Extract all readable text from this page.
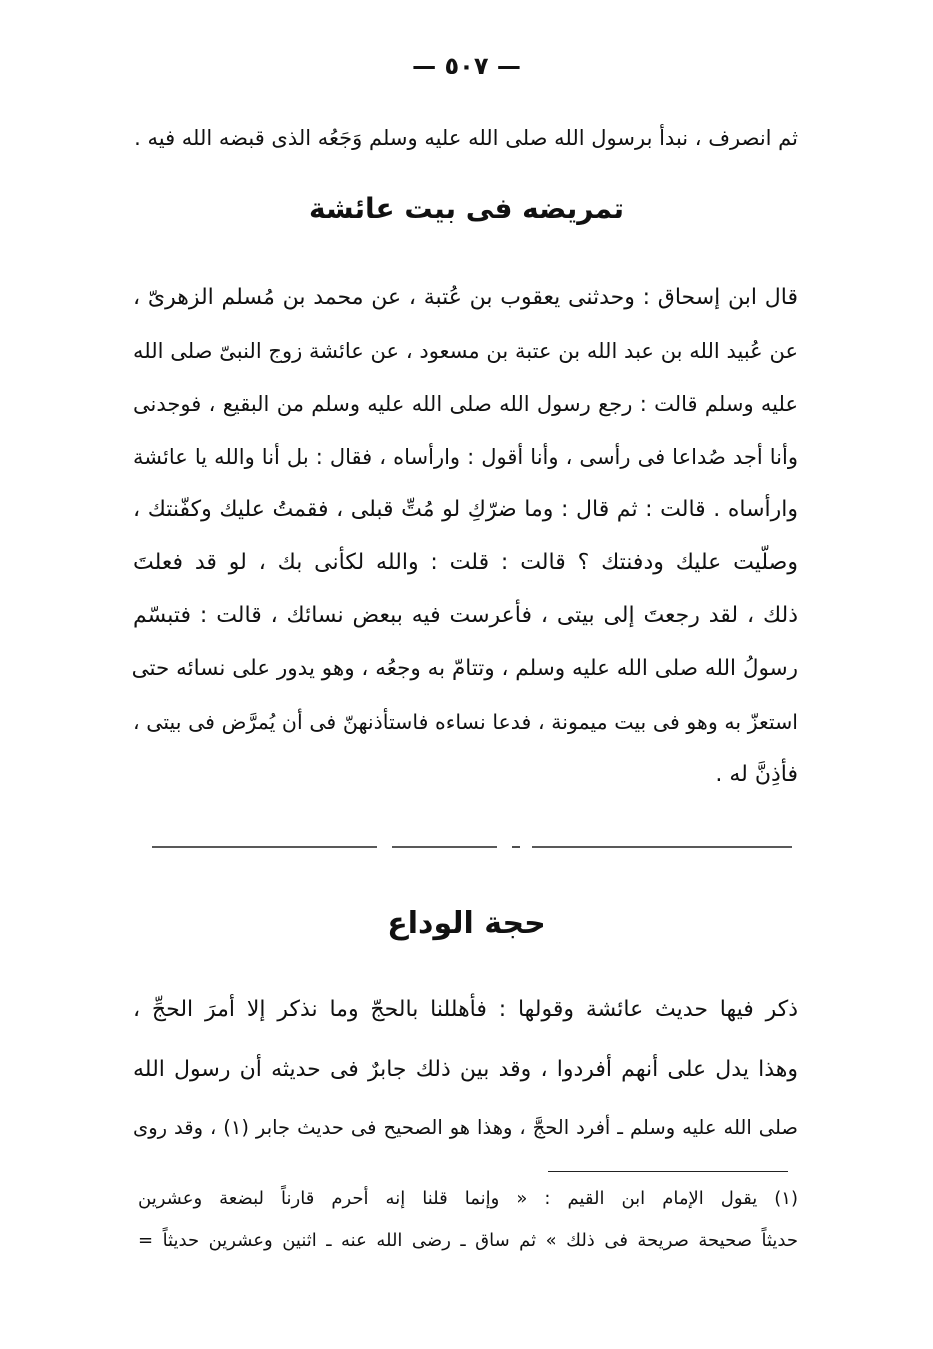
— ٥٠٧ —
ثم انصرف ، نبدأ برسول الله صلى الله عليه وسلم وَجَعُه الذى قبضه الله فيه .
تمريضه فى بيت عائشة
قال ابن إسحاق : وحدثنى يعقوب بن عُتبة ، عن محمد بن مُسلم الزهرىّ ،
عن عُبيد الله بن عبد الله بن عتبة بن مسعود ، عن عائشة زوج النبىّ صلى الله
عليه وسلم قالت : رجع رسول الله صلى الله عليه وسلم من البقيع ، فوجدنى
وأنا أجد صُداعا فى رأسى ، وأنا أقول : وارأساه ، فقال : بل أنا والله يا عائشة
وارأساه . قالت : ثم قال : وما ضرّكِ لو مُتِّ قبلى ، فقمتُ عليك وكفّنتك ،
وصلّيت عليك ودفنتك ؟ قالت : قلت : والله لكأنى بك ، لو قد فعلتَ
ذلك ، لقد رجعتَ إلى بيتى ، فأعرست فيه ببعض نسائك ، قالت : فتبسّم
رسولُ الله صلى الله عليه وسلم ، وتتامّ به وجعُه ، وهو يدور على نسائه حتى
استعزّ به وهو فى بيت ميمونة ، فدعا نساءه فاستأذنهنّ فى أن يُمرَّض فى بيتى ،
فأذِنَّ له .
حجة الوداع
ذكر فيها حديث عائشة وقولها : فأهللنا بالحجّ وما نذكر إلا أمرَ الحجِّ ،
وهذا يدل على أنهم أفردوا ، وقد بين ذلك جابرٌ فى حديثه أن رسول الله
صلى الله عليه وسلم ـ أفرد الحجَّ ، وهذا هو الصحيح فى حديث جابر (١) ، وقد روى
(١) يقول الإمام ابن القيم : « وإنما قلنا إنه أحرم قارناً لبضعة وعشرين
حديثاً صحيحة صريحة فى ذلك » ثم ساق ـ رضى الله عنه ـ اثنين وعشرين حديثاً =
